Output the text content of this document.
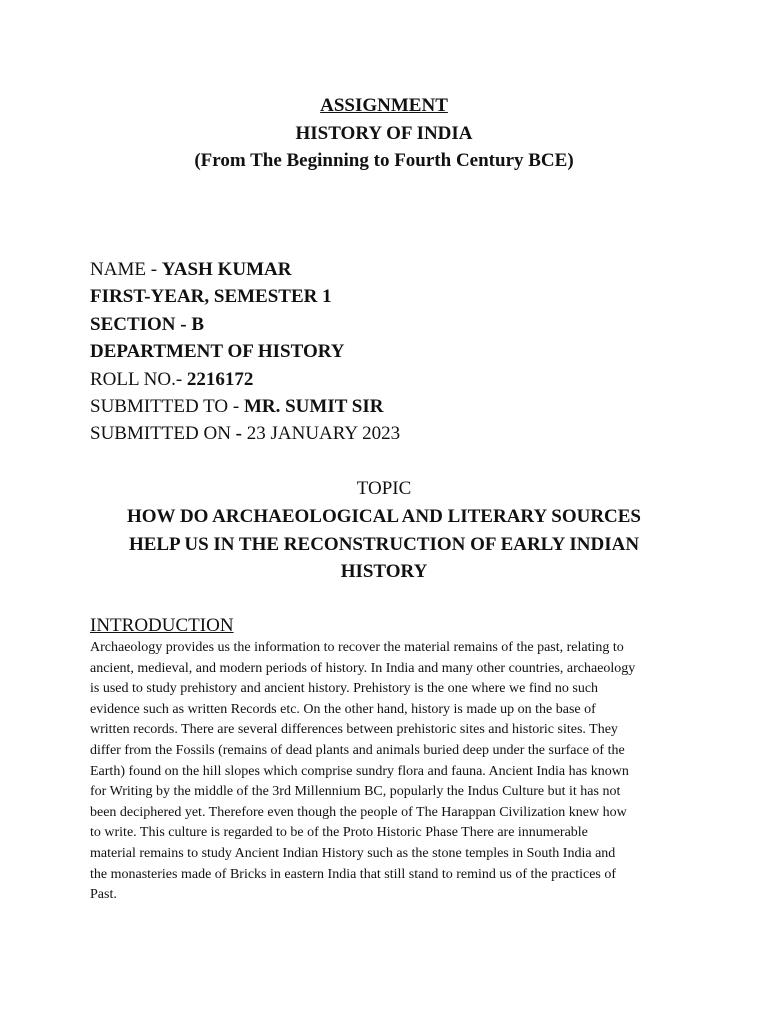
ASSIGNMENT
HISTORY OF INDIA
(From The Beginning to Fourth Century BCE)
NAME - YASH KUMAR
FIRST-YEAR, SEMESTER 1
SECTION - B
DEPARTMENT OF HISTORY
ROLL NO.- 2216172
SUBMITTED TO - MR. SUMIT SIR
SUBMITTED ON - 23 JANUARY 2023
TOPIC
HOW DO ARCHAEOLOGICAL AND LITERARY SOURCES
HELP US IN THE RECONSTRUCTION OF EARLY INDIAN
HISTORY
INTRODUCTION
Archaeology provides us the information to recover the material remains of the past, relating to
ancient, medieval, and modern periods of history. In India and many other countries, archaeology
is used to study prehistory and ancient history. Prehistory is the one where we find no such
evidence such as written Records etc. On the other hand, history is made up on the base of
written records. There are several differences between prehistoric sites and historic sites. They
differ from the Fossils (remains of dead plants and animals buried deep under the surface of the
Earth) found on the hill slopes which comprise sundry flora and fauna. Ancient India has known
for Writing by the middle of the 3rd Millennium BC, popularly the Indus Culture but it has not
been deciphered yet. Therefore even though the people of The Harappan Civilization knew how
to write. This culture is regarded to be of the Proto Historic Phase There are innumerable
material remains to study Ancient Indian History such as the stone temples in South India and
the monasteries made of Bricks in eastern India that still stand to remind us of the practices of
Past.
